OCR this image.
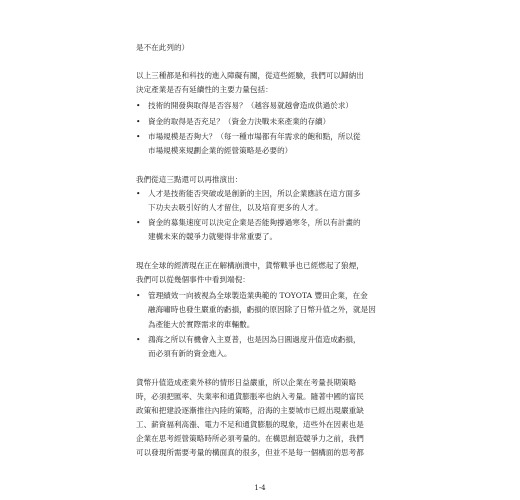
是不在此列的）
以上三種都是和科技的進入障礙有關，從這些經驗，我們可以歸納出
決定產業是否有延續性的主要力量包括：
• 技術的開發與取得是否容易？（越容易就越會造成供過於求）
• 資金的取得是否充足？（資金力決戰未來產業的存續）
• 市場規模是否夠大？（每一種市場都有年需求的飽和點，所以從
市場規模來規劃企業的經營策略是必要的）
我們從這三點還可以再推演出：
• 人才是技術能否突破或是創新的主因，所以企業應該在這方面多
下功夫去吸引好的人才留住，以及培育更多的人才。
• 資金的募集速度可以決定企業是否能夠撐過寒冬，所以有計畫的
建構未來的競爭力就變得非常重要了。
現在全球的經濟現在正在解構崩潰中，貨幣戰爭也已經燃起了狼煙，
我們可以從幾個事件中看到端倪：
• 管理績效一向被視為全球製造業典範的 TOYOTA 豐田企業，在金
融海嘯時也發生嚴重的虧損，虧損的原因除了日幣升值之外，就是因
為產能大於實際需求的車輛數。
• 鴻海之所以有機會入主夏普，也是因為日圓過度升值造成虧損，
而必須有新的資金進入。
貨幣升值造成產業外移的情形日益嚴重，所以企業在考量長期策略
時，必須把匯率、失業率和通貨膨脹率也納入考量。隨著中國的富民
政策和把建設逐漸推往內陸的策略，沿海的主要城市已經出現嚴重缺
工、薪資福利高漲、電力不足和通貨膨脹的現象，這些外在因素也是
企業在思考經營策略時所必須考量的。在構思創造競爭力之前，我們
可以發現所需要考量的構面真的很多，但並不是每一個構面的思考都
1-4
